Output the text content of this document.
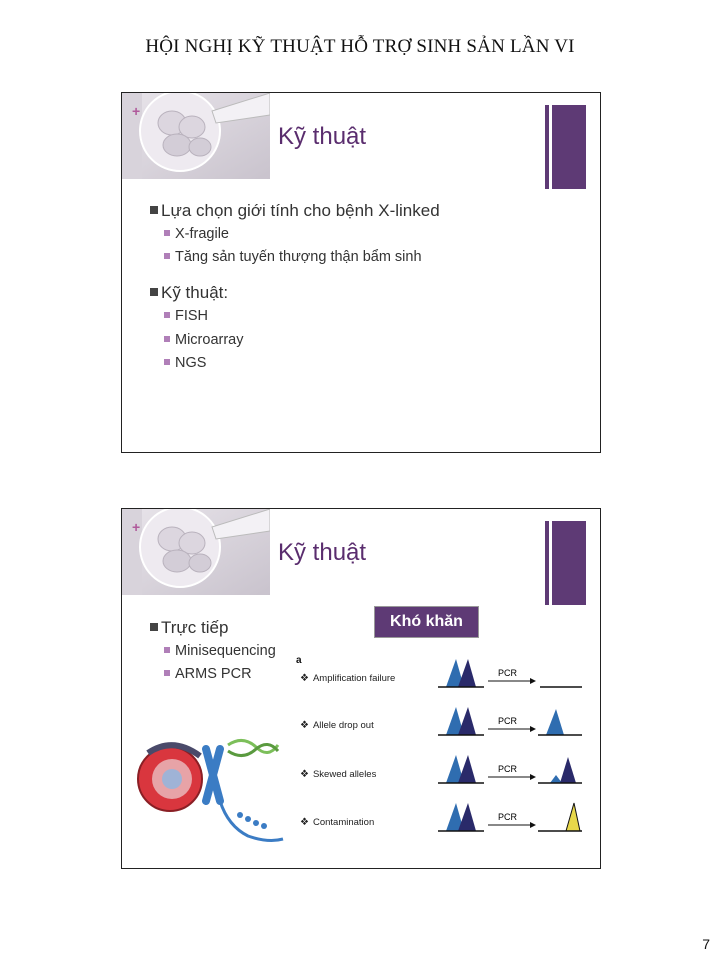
HỘI NGHỊ KỸ THUẬT HỖ TRỢ SINH SẢN LẦN VI
+
Kỹ thuật
Lựa chọn giới tính cho bệnh X-linked
X-fragile
Tăng sản tuyến thượng thận bẩm sinh
Kỹ thuật:
FISH
Microarray
NGS
+
Kỹ thuật
Trực tiếp
Minisequencing
ARMS PCR
Khó khăn
a
❖ Amplification failure
❖ Allele drop out
❖ Skewed alleles
❖ Contamination
PCR
PCR
PCR
PCR
7
